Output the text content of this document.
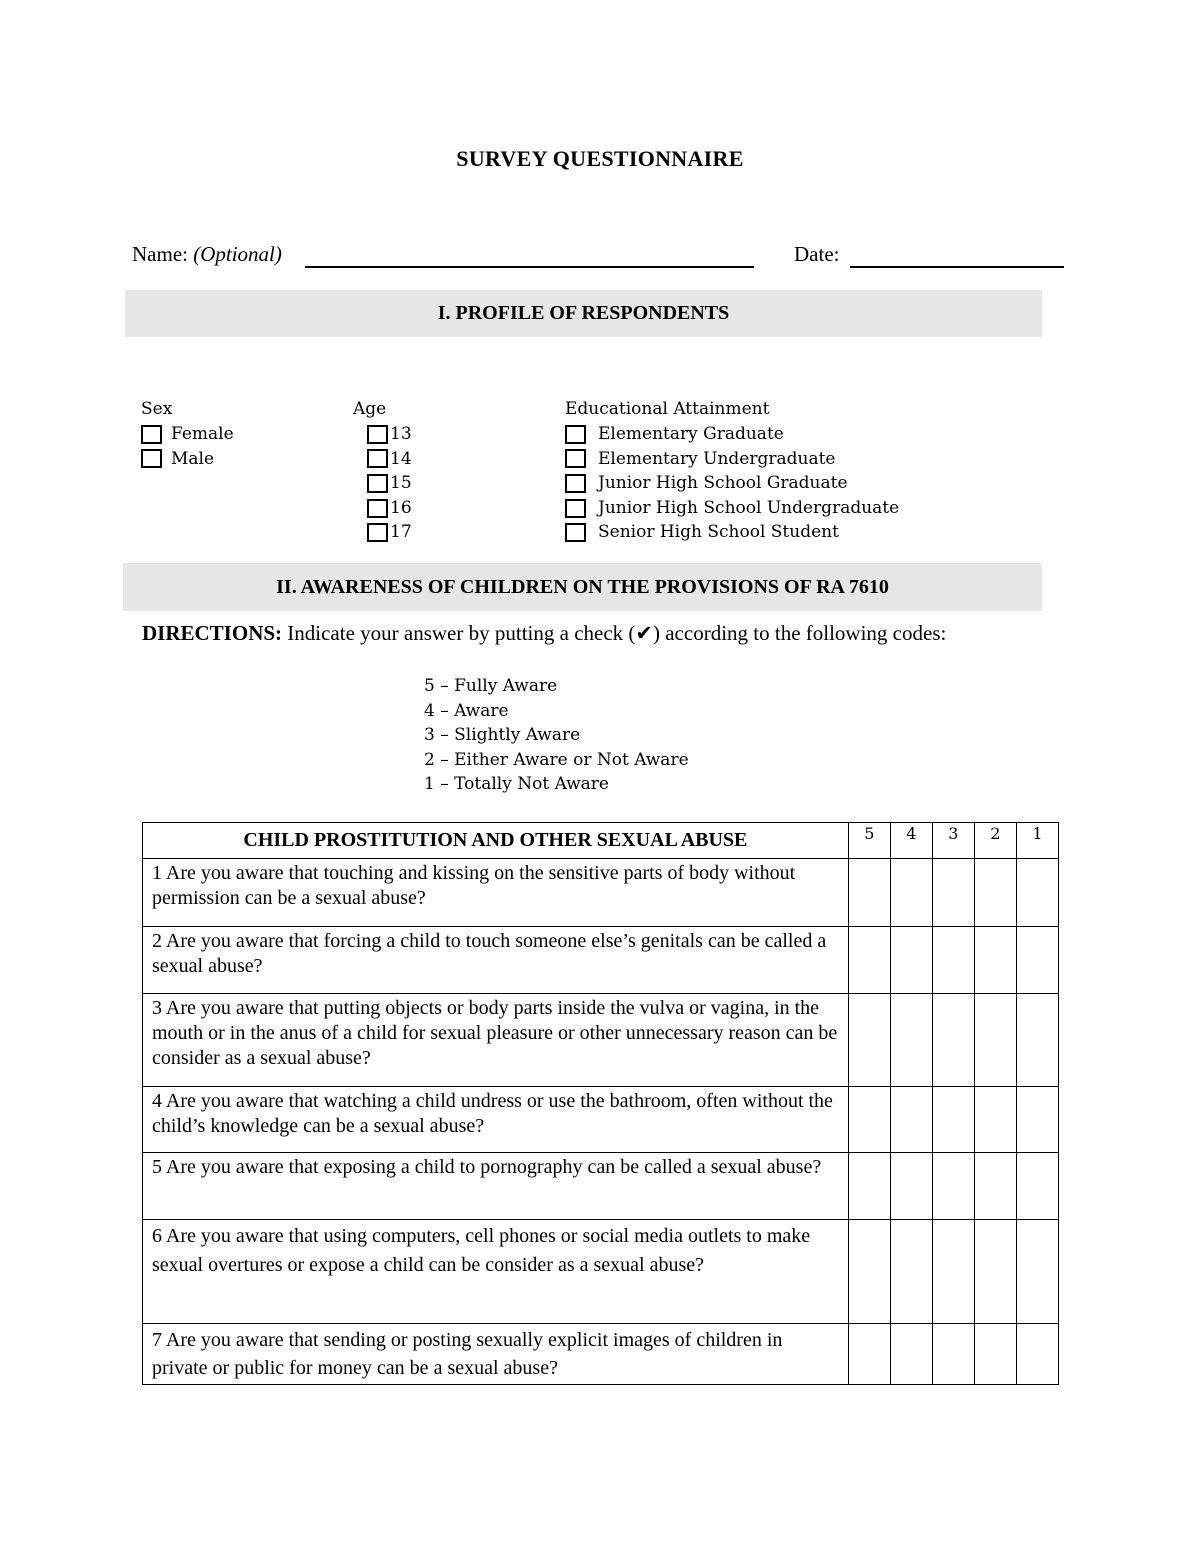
SURVEY QUESTIONNAIRE
Name: (Optional)	Date:
I. PROFILE OF RESPONDENTS
Sex
Female
Male
Age
13
14
15
16
17
Educational Attainment
Elementary Graduate
Elementary Undergraduate
Junior High School Graduate
Junior High School Undergraduate
Senior High School Student
II. AWARENESS OF CHILDREN ON THE PROVISIONS OF RA 7610
DIRECTIONS: Indicate your answer by putting a check (✔) according to the following codes:
5 – Fully Aware
4 – Aware
3 – Slightly Aware
2 – Either Aware or Not Aware
1 – Totally Not Aware
CHILD PROSTITUTION AND OTHER SEXUAL ABUSE	5	4	3	2	1
1 Are you aware that touching and kissing on the sensitive parts of body without permission can be a sexual abuse?					
2 Are you aware that forcing a child to touch someone else’s genitals can be called a sexual abuse?					
3 Are you aware that putting objects or body parts inside the vulva or vagina, in the mouth or in the anus of a child for sexual pleasure or other unnecessary reason can be consider as a sexual abuse?					
4 Are you aware that watching a child undress or use the bathroom, often without the child’s knowledge can be a sexual abuse?					
5 Are you aware that exposing a child to pornography can be called a sexual abuse?					
6 Are you aware that using computers, cell phones or social media outlets to make sexual overtures or expose a child can be consider as a sexual abuse?					
7 Are you aware that sending or posting sexually explicit images of children in private or public for money can be a sexual abuse?					
